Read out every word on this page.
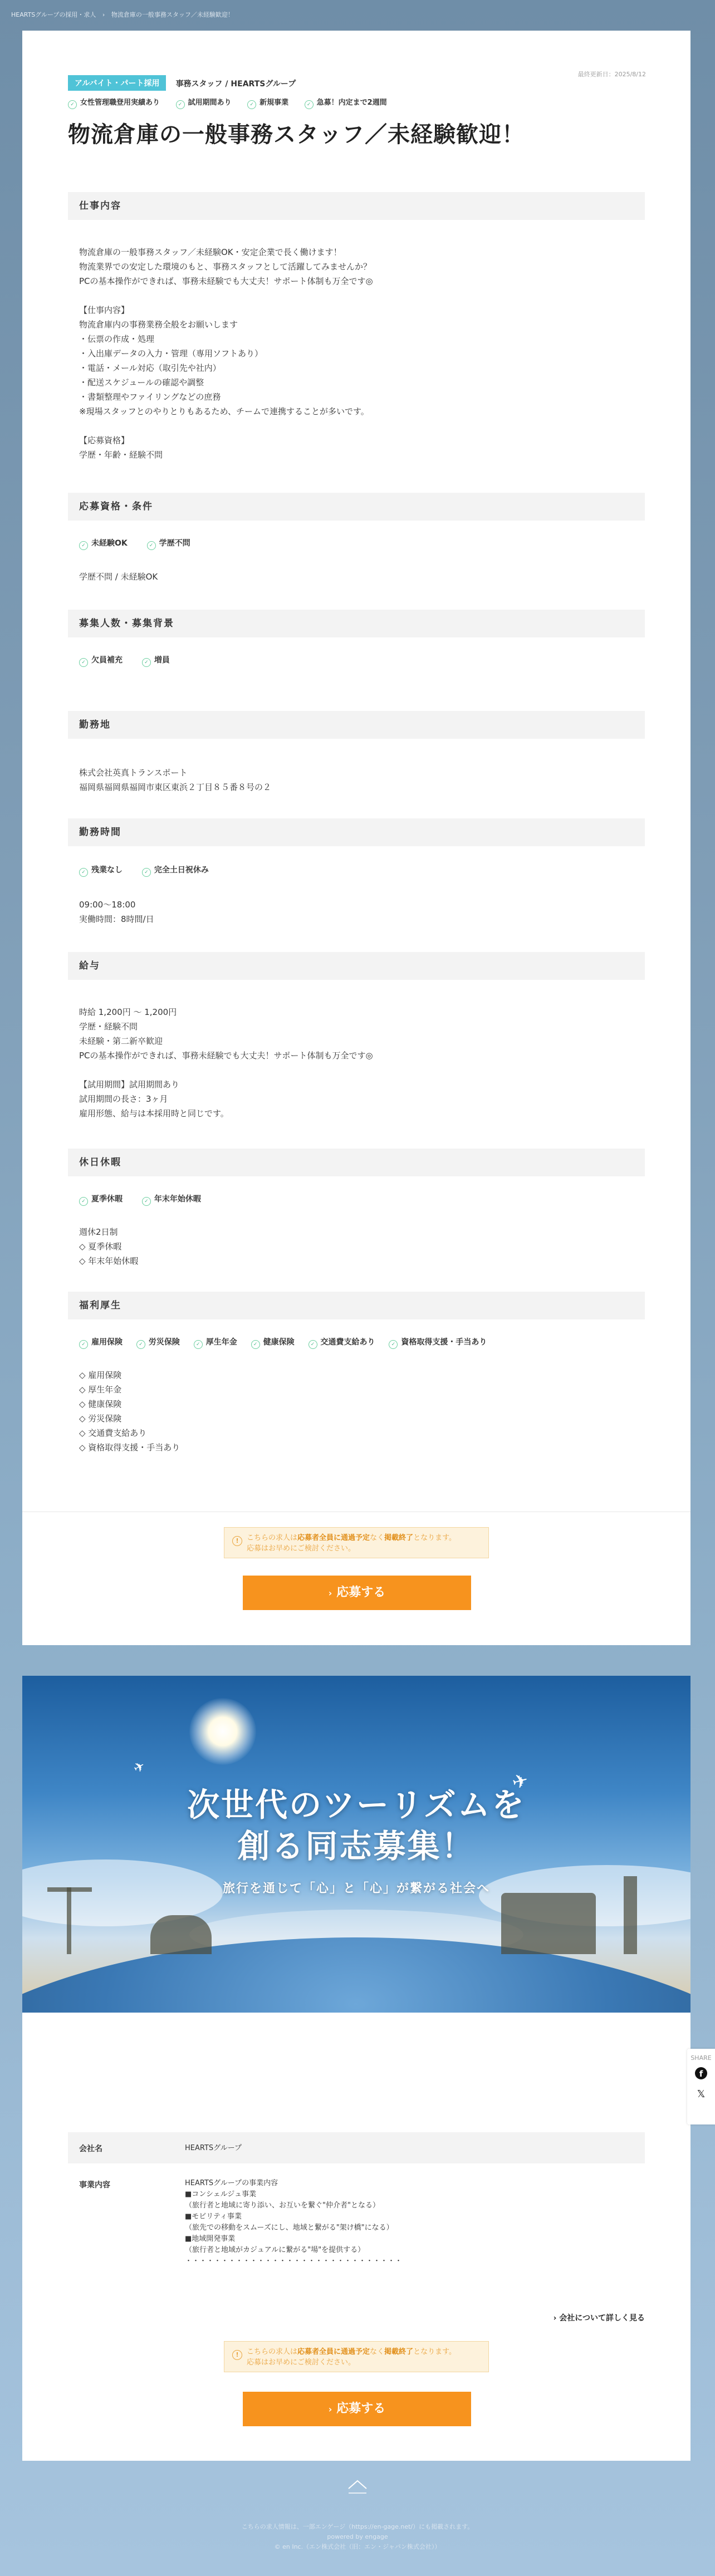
HEARTSグループの採用・求人 › 物流倉庫の一般事務スタッフ／未経験歓迎！
最終更新日：2025/8/12
アルバイト・パート採用 事務スタッフ / HEARTSグループ
✓ 女性管理職登用実績あり	✓ 試用期間あり	✓ 新規事業	✓ 急募！内定まで2週間
物流倉庫の一般事務スタッフ／未経験歓迎！
仕事内容
物流倉庫の一般事務スタッフ／未経験OK・安定企業で長く働けます！
物流業界での安定した環境のもと、事務スタッフとして活躍してみませんか？
PCの基本操作ができれば、事務未経験でも大丈夫！サポート体制も万全です◎

【仕事内容】
物流倉庫内の事務業務全般をお願いします
・伝票の作成・処理
・入出庫データの入力・管理（専用ソフトあり）
・電話・メール対応（取引先や社内）
・配送スケジュールの確認や調整
・書類整理やファイリングなどの庶務
※現場スタッフとのやりとりもあるため、チームで連携することが多いです。

【応募資格】
学歴・年齢・経験不問
応募資格・条件
✓ 未経験OK	✓ 学歴不問
学歴不問 / 未経験OK
募集人数・募集背景
✓ 欠員補充	✓ 増員
勤務地
株式会社英真トランスポート
福岡県福岡県福岡市東区東浜２丁目８５番８号の２
勤務時間
✓ 残業なし	✓ 完全土日祝休み
09:00〜18:00
実働時間：8時間/日
給与
時給 1,200円 〜 1,200円
学歴・経験不問
未経験・第二新卒歓迎
PCの基本操作ができれば、事務未経験でも大丈夫！サポート体制も万全です◎

【試用期間】試用期間あり
試用期間の長さ：3ヶ月
雇用形態、給与は本採用時と同じです。
休日休暇
✓ 夏季休暇	✓ 年末年始休暇
週休2日制
◇ 夏季休暇
◇ 年末年始休暇
福利厚生
✓ 雇用保険	✓ 労災保険	✓ 厚生年金	✓ 健康保険	✓ 交通費支給あり	✓ 資格取得支援・手当あり
◇ 雇用保険
◇ 厚生年金
◇ 健康保険
◇ 労災保険
◇ 交通費支給あり
◇ 資格取得支援・手当あり
!	こちらの求人は応募者全員に通過予定なく掲載終了となります。
応募はお早めにご検討ください。
› 応募する
✈
✈
次世代のツーリズムを
創る同志募集！
旅行を通じて「心」と「心」が繋がる社会へ
会社名	HEARTSグループ
事業内容	HEARTSグループの事業内容
■コンシェルジュ事業
（旅行者と地域に寄り添い、お互いを繋ぐ"仲介者"となる）
■モビリティ事業
（旅先での移動をスムーズにし、地域と繋がる"架け橋"になる）
■地域開発事業
（旅行者と地域がカジュアルに繋がる"場"を提供する）
・・・・・・・・・・・・・・・・・・・・・・・・・・・・・・
› 会社について詳しく見る
!	こちらの求人は応募者全員に通過予定なく掲載終了となります。
応募はお早めにご検討ください。
› 応募する
SHARE
f
𝕏
こちらの求人情報は、一部エンゲージ（https://en-gage.net/）にも掲載されます。
powered by engage
© en Inc.（エン株式会社（旧：エン・ジャパン株式会社））
